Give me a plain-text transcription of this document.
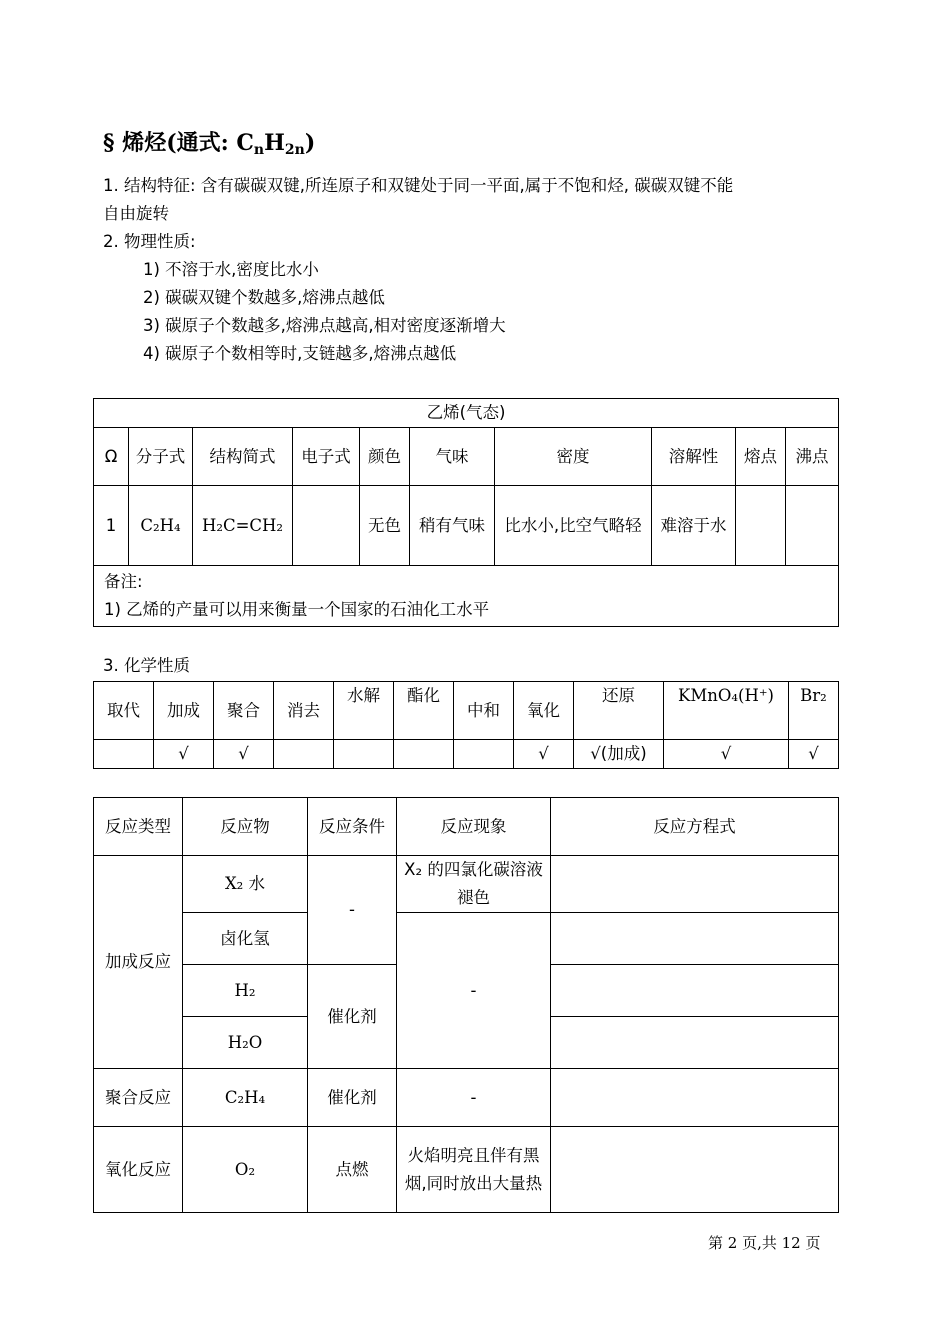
§ 烯烃(通式: $C_nH_{2n}$)
1. 结构特征: 含有碳碳双键,所连原子和双键处于同一平面,属于不饱和烃, 碳碳双键不能
自由旋转
2. 物理性质:
1) 不溶于水,密度比水小
2) 碳碳双键个数越多,熔沸点越低
3) 碳原子个数越多,熔沸点越高,相对密度逐渐增大
4) 碳原子个数相等时,支链越多,熔沸点越低
乙烯(气态)									
Ω	分子式	结构简式	电子式	颜色	气味	密度	溶解性	熔点	沸点
1	C₂H₄	H₂C=CH₂		无色	稍有气味	比水小,比空气略轻	难溶于水		

备注:
1) 乙烯的产量可以用来衡量一个国家的石油化工水平									
3. 化学性质
取代	加成	聚合	消去	水解	酯化	中和	氧化	还原	KMnO₄(H⁺)	Br₂
	√	√					√	√(加成)	√	√
反应类型	反应物	反应条件	反应现象	反应方程式
加成反应	X₂ 水	-	X₂ 的四氯化碳溶液褪色	
	卤化氢		-	
	H₂	催化剂		
	H₂O			
聚合反应	C₂H₄	催化剂	-	
氧化反应	O₂	点燃	火焰明亮且伴有黑烟,同时放出大量热	
第 2 页,共 12 页
